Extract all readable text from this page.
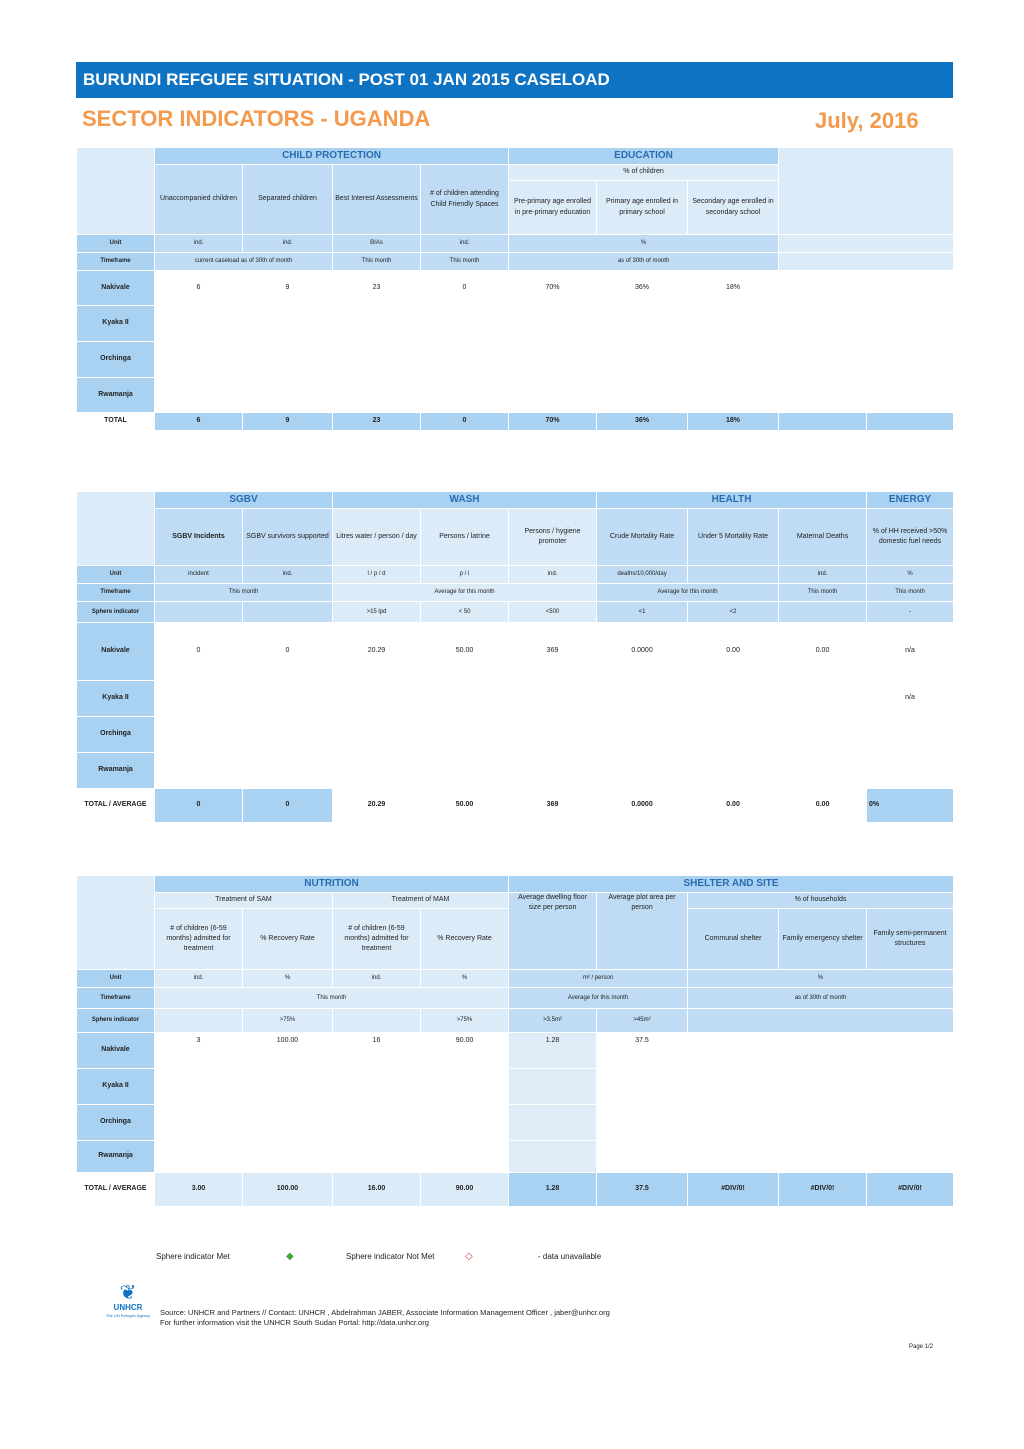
BURUNDI REFGUEE SITUATION - POST 01 JAN 2015 CASELOAD
SECTOR INDICATORS - UGANDA	July, 2016
	CHILD PROTECTION				EDUCATION				
	Unaccompanied children	Separated children	Best Interest Assessments	# of children attending Child Friendly Spaces	% of children				
					Pre-primary age enrolled in pre-primary education	Primary age enrolled in primary school	Secondary age enrolled in secondary school		
Unit	ind.	ind.	BIAs	ind.	%				
Timeframe	current caseload as of 30th of month		This month	This month	as of 30th of month				
Nakivale	6	9	23	0	70%	36%	18%		
Kyaka II									
Orchinga									
Rwamanja									
TOTAL	6	9	23	0	70%	36%	18%		
	SGBV		WASH			HEALTH			ENERGY
	SGBV Incidents	SGBV survivors supported	Litres water / person / day	Persons / latrine	Persons / hygiene promoter	Crude Mortality Rate	Under 5 Mortality Rate	Maternal Deaths	% of HH received >50% domestic fuel needs
Unit	incident	ind.	l / p / d	p / l	ind.	deaths/10,000/day		ind.	%
Timeframe	This month		Average for this month			Average for this month		This month	This month
Sphere indicator			>15 lpd	< 50	<500	<1	<2		-
Nakivale	0	0	20.29	50.00	369	0.0000	0.00	0.00	n/a
Kyaka II									n/a
Orchinga									
Rwamanja									
TOTAL / AVERAGE	0	0	20.29	50.00	369	0.0000	0.00	0.00	0%
	NUTRITION				SHELTER AND SITE				
	Treatment of SAM		Treatment of MAM		Average dwelling floor size per person	Average plot area per person	% of households		
	# of children (6-59 months) admitted for treatment	% Recovery Rate	# of children (6-59 months) admitted for treatment	% Recovery Rate			Communal shelter	Family emergency shelter	Family semi-permanent structures
Unit	ind.	%	ind.	%	m² / person		%		
Timeframe	This month				Average for this month		as of 30th of month		
Sphere indicator		>75%		>75%	>3.5m²	>45m²			
Nakivale	3	100.00	16	90.00	1.28	37.5			
Kyaka II									
Orchinga									
Rwamanja									
TOTAL / AVERAGE	3.00	100.00	16.00	90.00	1.28	37.5	#DIV/0!	#DIV/0!	#DIV/0!
Sphere indicator Met	◆	Sphere indicator Not Met	◇	- data unavailable
❦
UNHCR
The UN Refugee Agency Source: UNHCR and Partners // Contact: UNHCR , Abdelrahman JABER, Associate Information Management Officer , jaber@unhcr.org
For further information visit the UNHCR South Sudan Portal: http://data.unhcr.org
Page 1/2
